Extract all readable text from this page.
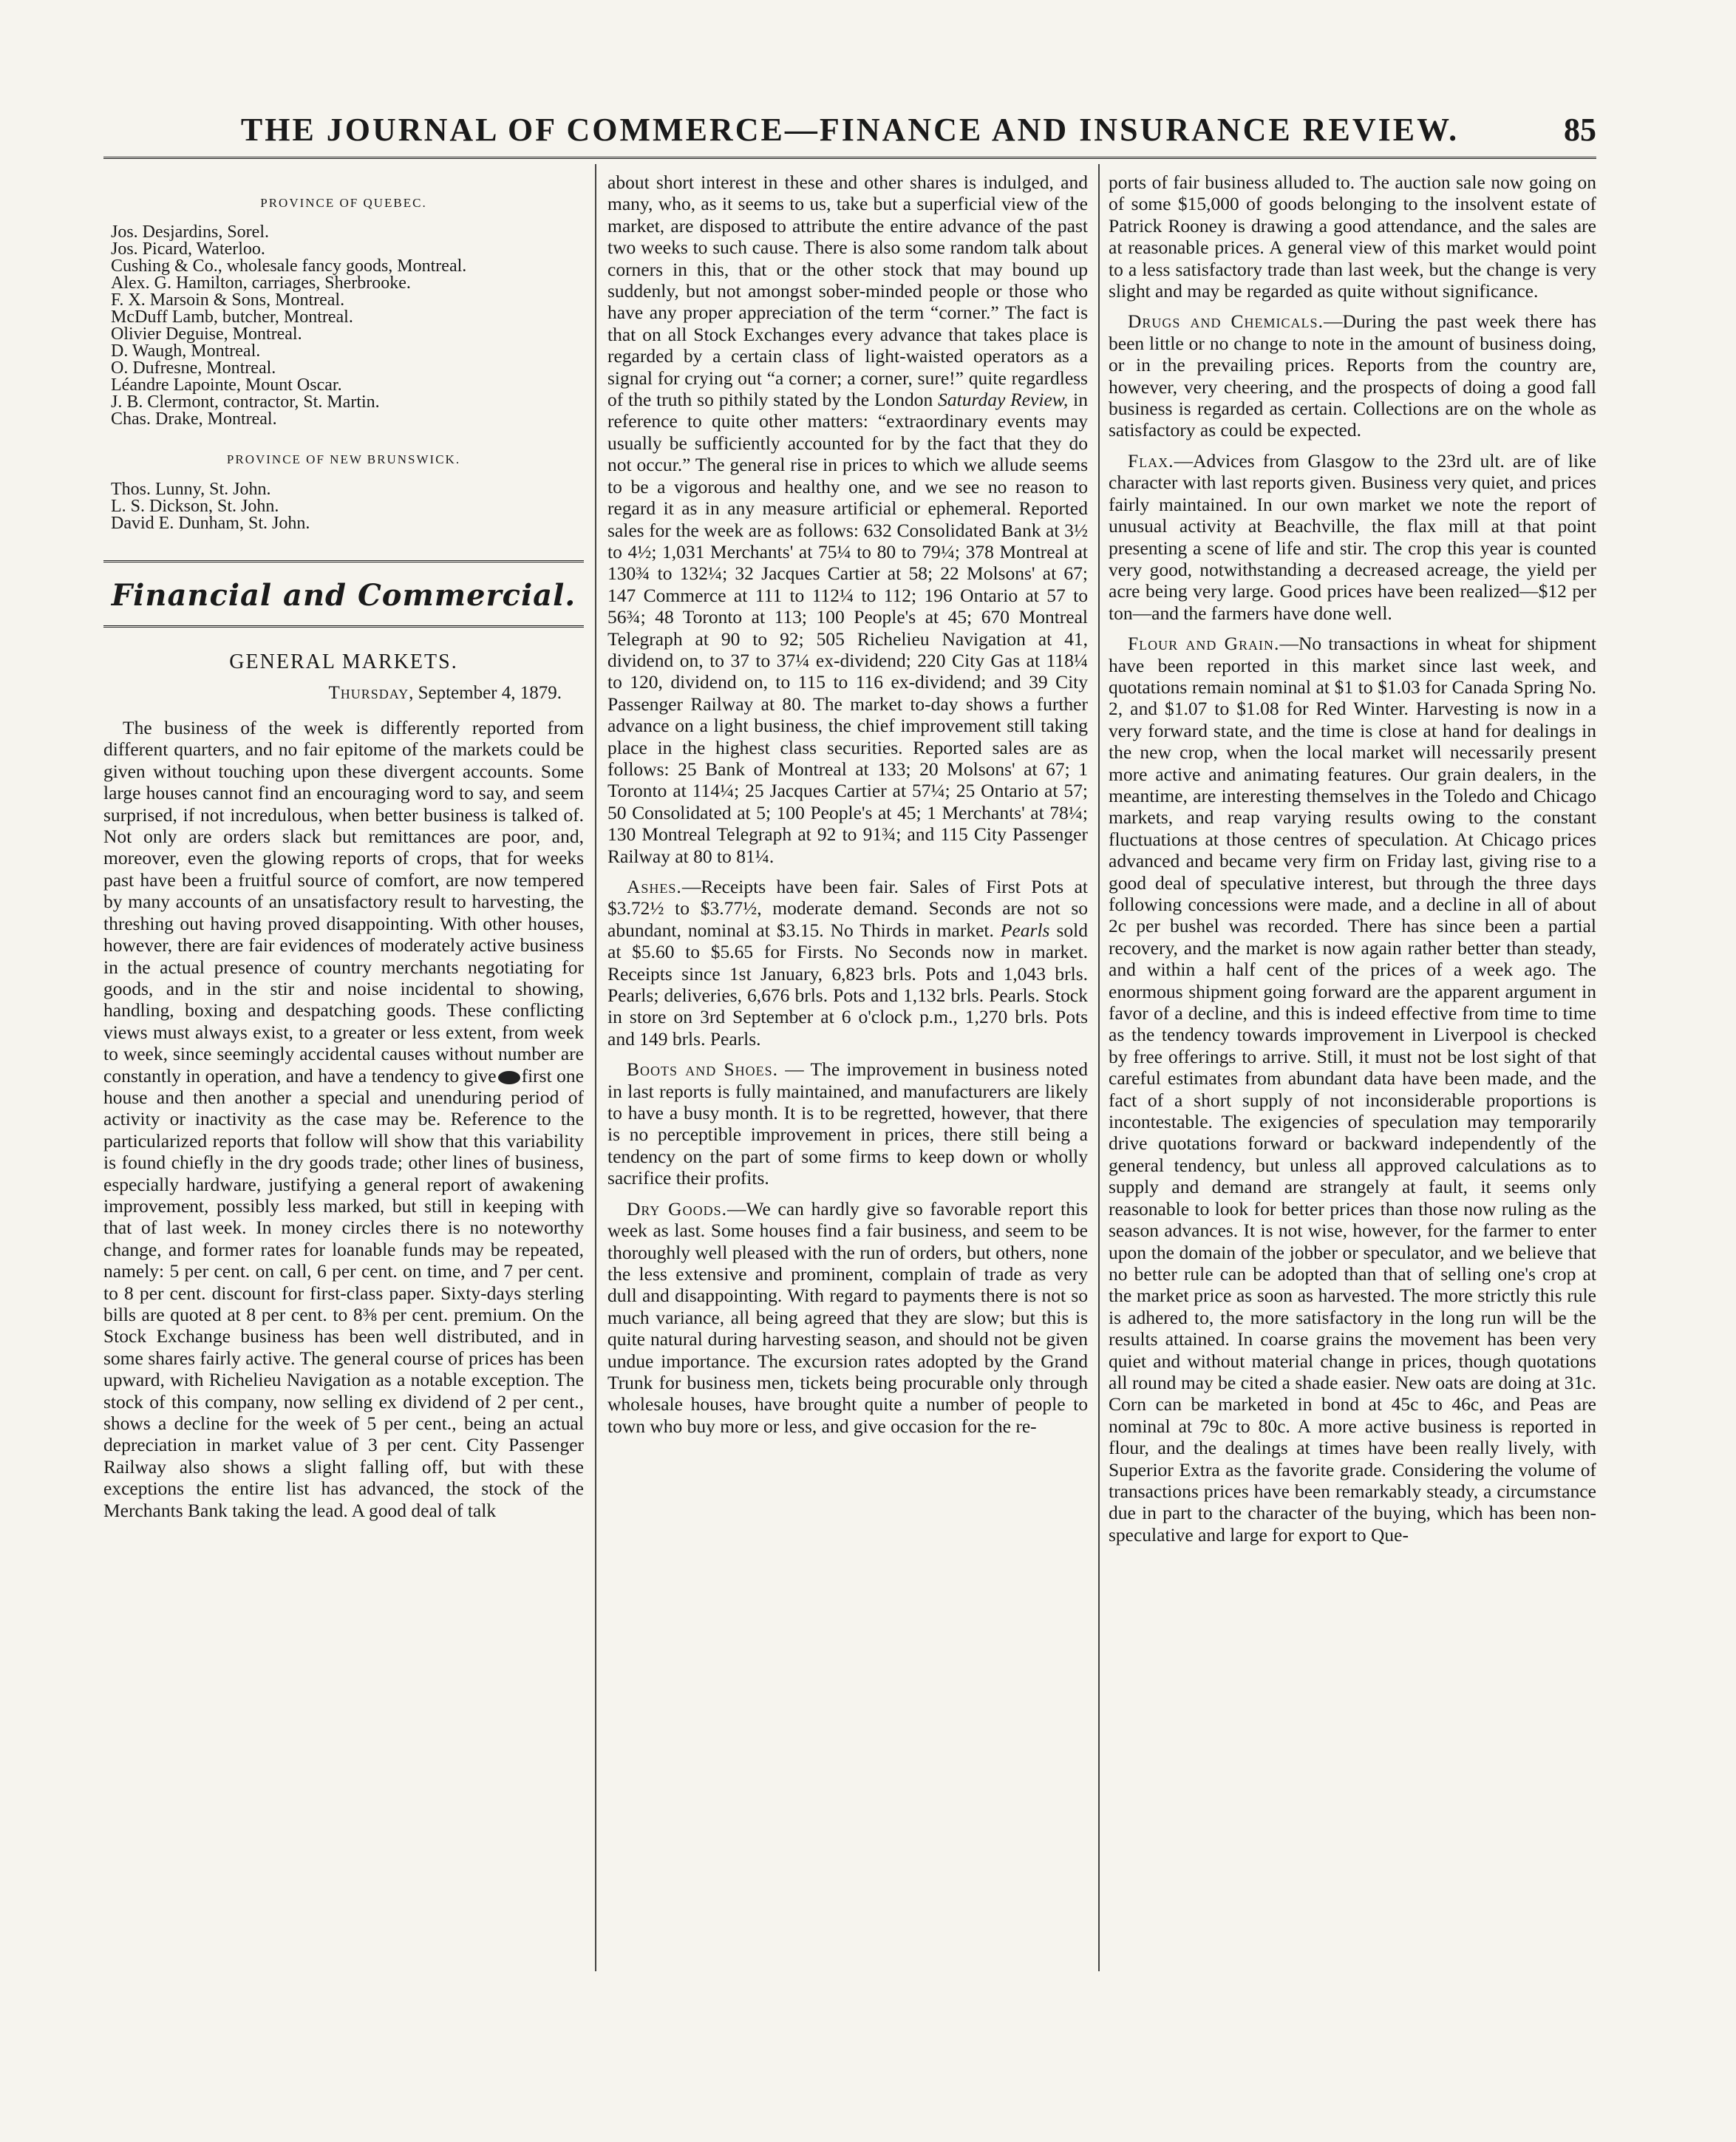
THE JOURNAL OF COMMERCE—FINANCE AND INSURANCE REVIEW.	85
PROVINCE OF QUEBEC.
Jos. Desjardins, Sorel.
Jos. Picard, Waterloo.
Cushing & Co., wholesale fancy goods, Montreal.
Alex. G. Hamilton, carriages, Sherbrooke.
F. X. Marsoin & Sons, Montreal.
McDuff Lamb, butcher, Montreal.
Olivier Deguise, Montreal.
D. Waugh, Montreal.
O. Dufresne, Montreal.
Léandre Lapointe, Mount Oscar.
J. B. Clermont, contractor, St. Martin.
Chas. Drake, Montreal.
PROVINCE OF NEW BRUNSWICK.
Thos. Lunny, St. John.
L. S. Dickson, St. John.
David E. Dunham, St. John.
Financial and Commercial.
GENERAL MARKETS.
Thursday, September 4, 1879.

The business of the week is differently reported from different quarters, and no fair epitome of the markets could be given without touching upon these divergent accounts. Some large houses cannot find an encouraging word to say, and seem surprised, if not incredulous, when better business is talked of. Not only are orders slack but remittances are poor, and, moreover, even the glowing reports of crops, that for weeks past have been a fruitful source of comfort, are now tempered by many accounts of an unsatisfactory result to harvesting, the threshing out having proved disappointing. With other houses, however, there are fair evidences of moderately active business in the actual presence of country merchants negotiating for goods, and in the stir and noise incidental to showing, handling, boxing and despatching goods. These conflicting views must always exist, to a greater or less extent, from week to week, since seemingly accidental causes without number are constantly in operation, and have a tendency to give first one house and then another a special and unenduring period of activity or inactivity as the case may be. Reference to the particularized reports that follow will show that this variability is found chiefly in the dry goods trade; other lines of business, especially hardware, justifying a general report of awakening improvement, possibly less marked, but still in keeping with that of last week. In money circles there is no noteworthy change, and former rates for loanable funds may be repeated, namely: 5 per cent. on call, 6 per cent. on time, and 7 per cent. to 8 per cent. discount for first-class paper. Sixty-days sterling bills are quoted at 8 per cent. to 8⅜ per cent. premium. On the Stock Exchange business has been well distributed, and in some shares fairly active. The general course of prices has been upward, with Richelieu Navigation as a notable exception. The stock of this company, now selling ex dividend of 2 per cent., shows a decline for the week of 5 per cent., being an actual depreciation in market value of 3 per cent. City Passenger Railway also shows a slight falling off, but with these exceptions the entire list has advanced, the stock of the Merchants Bank taking the lead. A good deal of talk

about short interest in these and other shares is indulged, and many, who, as it seems to us, take but a superficial view of the market, are disposed to attribute the entire advance of the past two weeks to such cause. There is also some random talk about corners in this, that or the other stock that may bound up suddenly, but not amongst sober-minded people or those who have any proper appreciation of the term “corner.” The fact is that on all Stock Exchanges every advance that takes place is regarded by a certain class of light-waisted operators as a signal for crying out “a corner; a corner, sure!” quite regardless of the truth so pithily stated by the London Saturday Review, in reference to quite other matters: “extraordinary events may usually be sufficiently accounted for by the fact that they do not occur.” The general rise in prices to which we allude seems to be a vigorous and healthy one, and we see no reason to regard it as in any measure artificial or ephemeral. Reported sales for the week are as follows: 632 Consolidated Bank at 3½ to 4½; 1,031 Merchants' at 75¼ to 80 to 79¼; 378 Montreal at 130¾ to 132¼; 32 Jacques Cartier at 58; 22 Molsons' at 67; 147 Commerce at 111 to 112¼ to 112; 196 Ontario at 57 to 56¾; 48 Toronto at 113; 100 People's at 45; 670 Montreal Telegraph at 90 to 92; 505 Richelieu Navigation at 41, dividend on, to 37 to 37¼ ex-dividend; 220 City Gas at 118¼ to 120, dividend on, to 115 to 116 ex-dividend; and 39 City Passenger Railway at 80. The market to-day shows a further advance on a light business, the chief improvement still taking place in the highest class securities. Reported sales are as follows: 25 Bank of Montreal at 133; 20 Molsons' at 67; 1 Toronto at 114¼; 25 Jacques Cartier at 57¼; 25 Ontario at 57; 50 Consolidated at 5; 100 People's at 45; 1 Merchants' at 78¼; 130 Montreal Telegraph at 92 to 91¾; and 115 City Passenger Railway at 80 to 81¼.

Ashes.—Receipts have been fair. Sales of First Pots at $3.72½ to $3.77½, moderate demand. Seconds are not so abundant, nominal at $3.15. No Thirds in market. Pearls sold at $5.60 to $5.65 for Firsts. No Seconds now in market. Receipts since 1st January, 6,823 brls. Pots and 1,043 brls. Pearls; deliveries, 6,676 brls. Pots and 1,132 brls. Pearls. Stock in store on 3rd September at 6 o'clock p.m., 1,270 brls. Pots and 149 brls. Pearls.

Boots and Shoes. — The improvement in business noted in last reports is fully maintained, and manufacturers are likely to have a busy month. It is to be regretted, however, that there is no perceptible improvement in prices, there still being a tendency on the part of some firms to keep down or wholly sacrifice their profits.

Dry Goods.—We can hardly give so favorable report this week as last. Some houses find a fair business, and seem to be thoroughly well pleased with the run of orders, but others, none the less extensive and prominent, complain of trade as very dull and disappointing. With regard to payments there is not so much variance, all being agreed that they are slow; but this is quite natural during harvesting season, and should not be given undue importance. The excursion rates adopted by the Grand Trunk for business men, tickets being procurable only through wholesale houses, have brought quite a number of people to town who buy more or less, and give occasion for the re-

ports of fair business alluded to. The auction sale now going on of some $15,000 of goods belonging to the insolvent estate of Patrick Rooney is drawing a good attendance, and the sales are at reasonable prices. A general view of this market would point to a less satisfactory trade than last week, but the change is very slight and may be regarded as quite without significance.

Drugs and Chemicals.—During the past week there has been little or no change to note in the amount of business doing, or in the prevailing prices. Reports from the country are, however, very cheering, and the prospects of doing a good fall business is regarded as certain. Collections are on the whole as satisfactory as could be expected.

Flax.—Advices from Glasgow to the 23rd ult. are of like character with last reports given. Business very quiet, and prices fairly maintained. In our own market we note the report of unusual activity at Beachville, the flax mill at that point presenting a scene of life and stir. The crop this year is counted very good, notwithstanding a decreased acreage, the yield per acre being very large. Good prices have been realized—$12 per ton—and the farmers have done well.

Flour and Grain.—No transactions in wheat for shipment have been reported in this market since last week, and quotations remain nominal at $1 to $1.03 for Canada Spring No. 2, and $1.07 to $1.08 for Red Winter. Harvesting is now in a very forward state, and the time is close at hand for dealings in the new crop, when the local market will necessarily present more active and animating features. Our grain dealers, in the meantime, are interesting themselves in the Toledo and Chicago markets, and reap varying results owing to the constant fluctuations at those centres of speculation. At Chicago prices advanced and became very firm on Friday last, giving rise to a good deal of speculative interest, but through the three days following concessions were made, and a decline in all of about 2c per bushel was recorded. There has since been a partial recovery, and the market is now again rather better than steady, and within a half cent of the prices of a week ago. The enormous shipment going forward are the apparent argument in favor of a decline, and this is indeed effective from time to time as the tendency towards improvement in Liverpool is checked by free offerings to arrive. Still, it must not be lost sight of that careful estimates from abundant data have been made, and the fact of a short supply of not inconsiderable proportions is incontestable. The exigencies of speculation may temporarily drive quotations forward or backward independently of the general tendency, but unless all approved calculations as to supply and demand are strangely at fault, it seems only reasonable to look for better prices than those now ruling as the season advances. It is not wise, however, for the farmer to enter upon the domain of the jobber or speculator, and we believe that no better rule can be adopted than that of selling one's crop at the market price as soon as harvested. The more strictly this rule is adhered to, the more satisfactory in the long run will be the results attained. In coarse grains the movement has been very quiet and without material change in prices, though quotations all round may be cited a shade easier. New oats are doing at 31c. Corn can be marketed in bond at 45c to 46c, and Peas are nominal at 79c to 80c. A more active business is reported in flour, and the dealings at times have been really lively, with Superior Extra as the favorite grade. Considering the volume of transactions prices have been remarkably steady, a circumstance due in part to the character of the buying, which has been non-speculative and large for export to Que-
